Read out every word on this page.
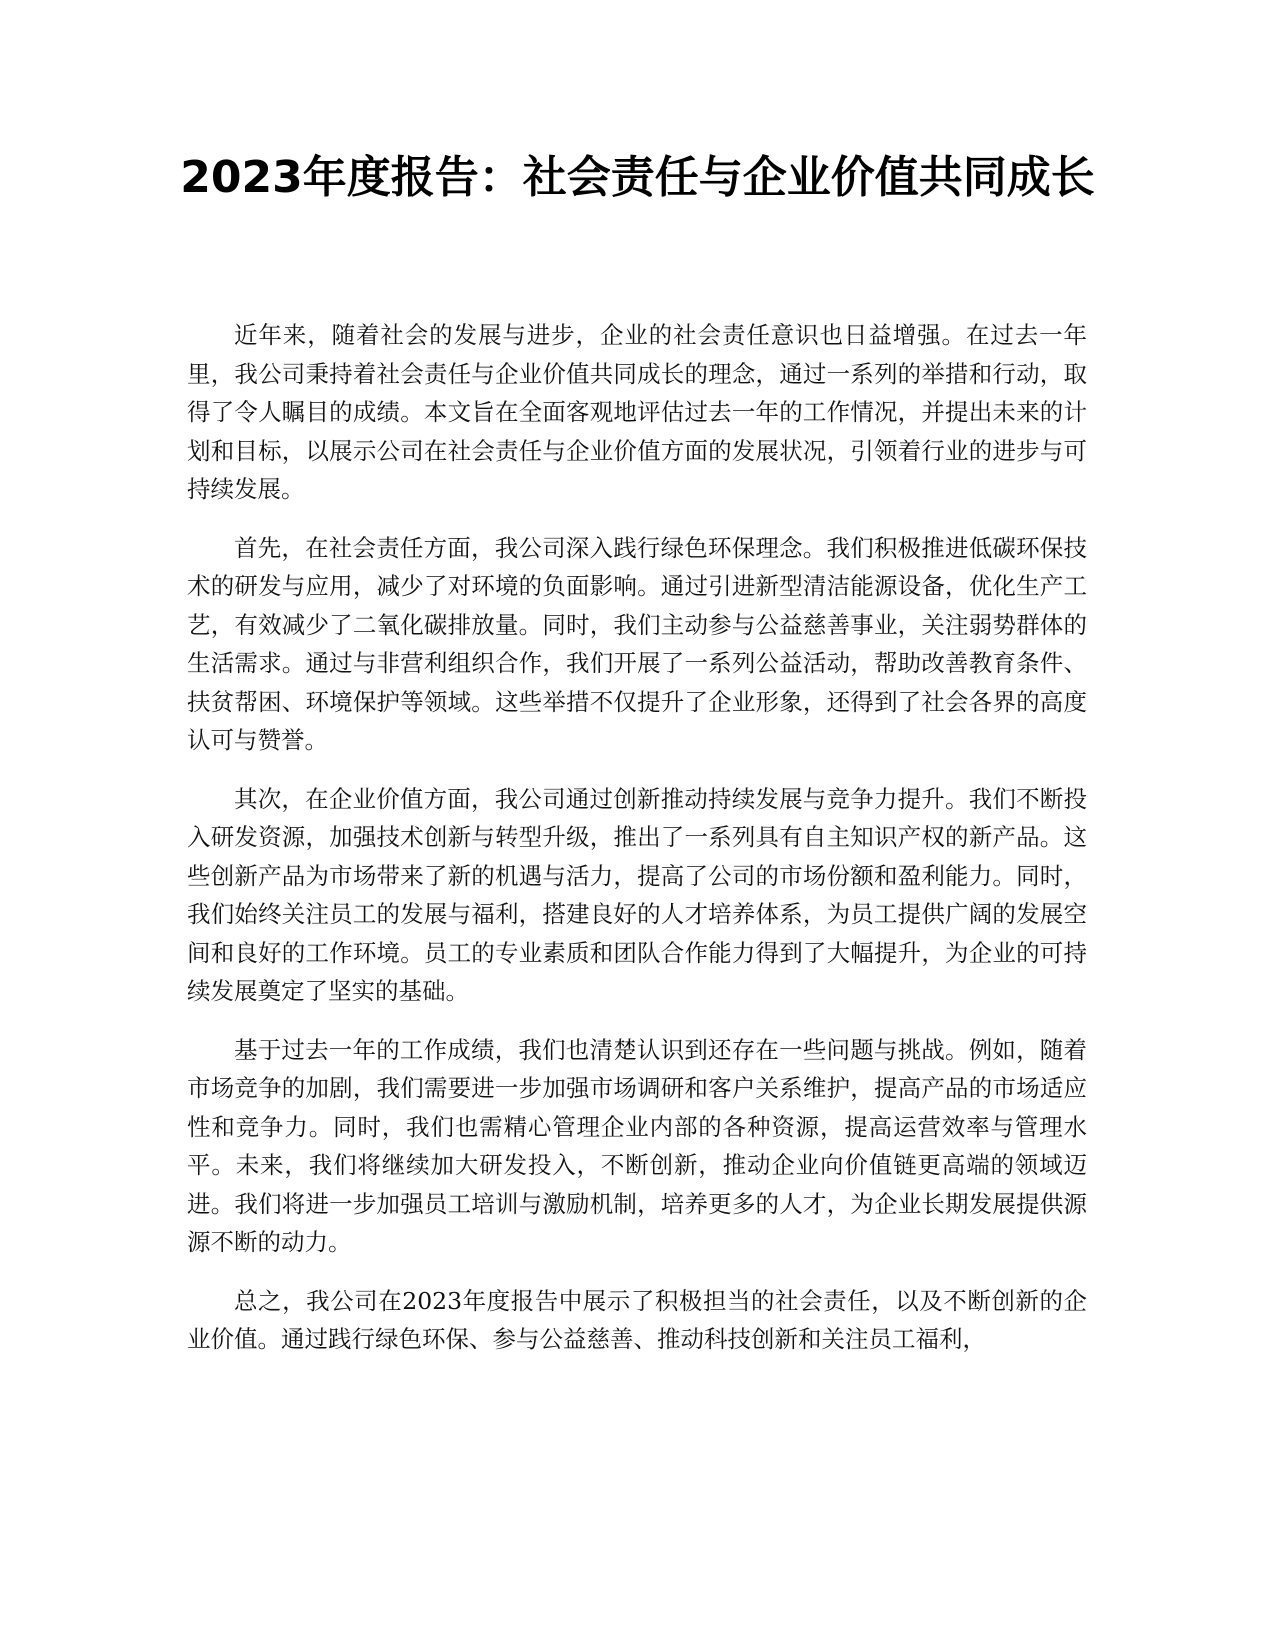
2023年度报告：社会责任与企业价值共同成长

近年来，随着社会的发展与进步，企业的社会责任意识也日益增强。在过去一年里，我公司秉持着社会责任与企业价值共同成长的理念，通过一系列的举措和行动，取得了令人瞩目的成绩。本文旨在全面客观地评估过去一年的工作情况，并提出未来的计划和目标，以展示公司在社会责任与企业价值方面的发展状况，引领着行业的进步与可持续发展。

首先，在社会责任方面，我公司深入践行绿色环保理念。我们积极推进低碳环保技术的研发与应用，减少了对环境的负面影响。通过引进新型清洁能源设备，优化生产工艺，有效减少了二氧化碳排放量。同时，我们主动参与公益慈善事业，关注弱势群体的生活需求。通过与非营利组织合作，我们开展了一系列公益活动，帮助改善教育条件、扶贫帮困、环境保护等领域。这些举措不仅提升了企业形象，还得到了社会各界的高度认可与赞誉。

其次，在企业价值方面，我公司通过创新推动持续发展与竞争力提升。我们不断投入研发资源，加强技术创新与转型升级，推出了一系列具有自主知识产权的新产品。这些创新产品为市场带来了新的机遇与活力，提高了公司的市场份额和盈利能力。同时，我们始终关注员工的发展与福利，搭建良好的人才培养体系，为员工提供广阔的发展空间和良好的工作环境。员工的专业素质和团队合作能力得到了大幅提升，为企业的可持续发展奠定了坚实的基础。

基于过去一年的工作成绩，我们也清楚认识到还存在一些问题与挑战。例如，随着市场竞争的加剧，我们需要进一步加强市场调研和客户关系维护，提高产品的市场适应性和竞争力。同时，我们也需精心管理企业内部的各种资源，提高运营效率与管理水平。未来，我们将继续加大研发投入，不断创新，推动企业向价值链更高端的领域迈进。我们将进一步加强员工培训与激励机制，培养更多的人才，为企业长期发展提供源源不断的动力。

总之，我公司在2023年度报告中展示了积极担当的社会责任，以及不断创新的企业价值。通过践行绿色环保、参与公益慈善、推动科技创新和关注员工福利，
